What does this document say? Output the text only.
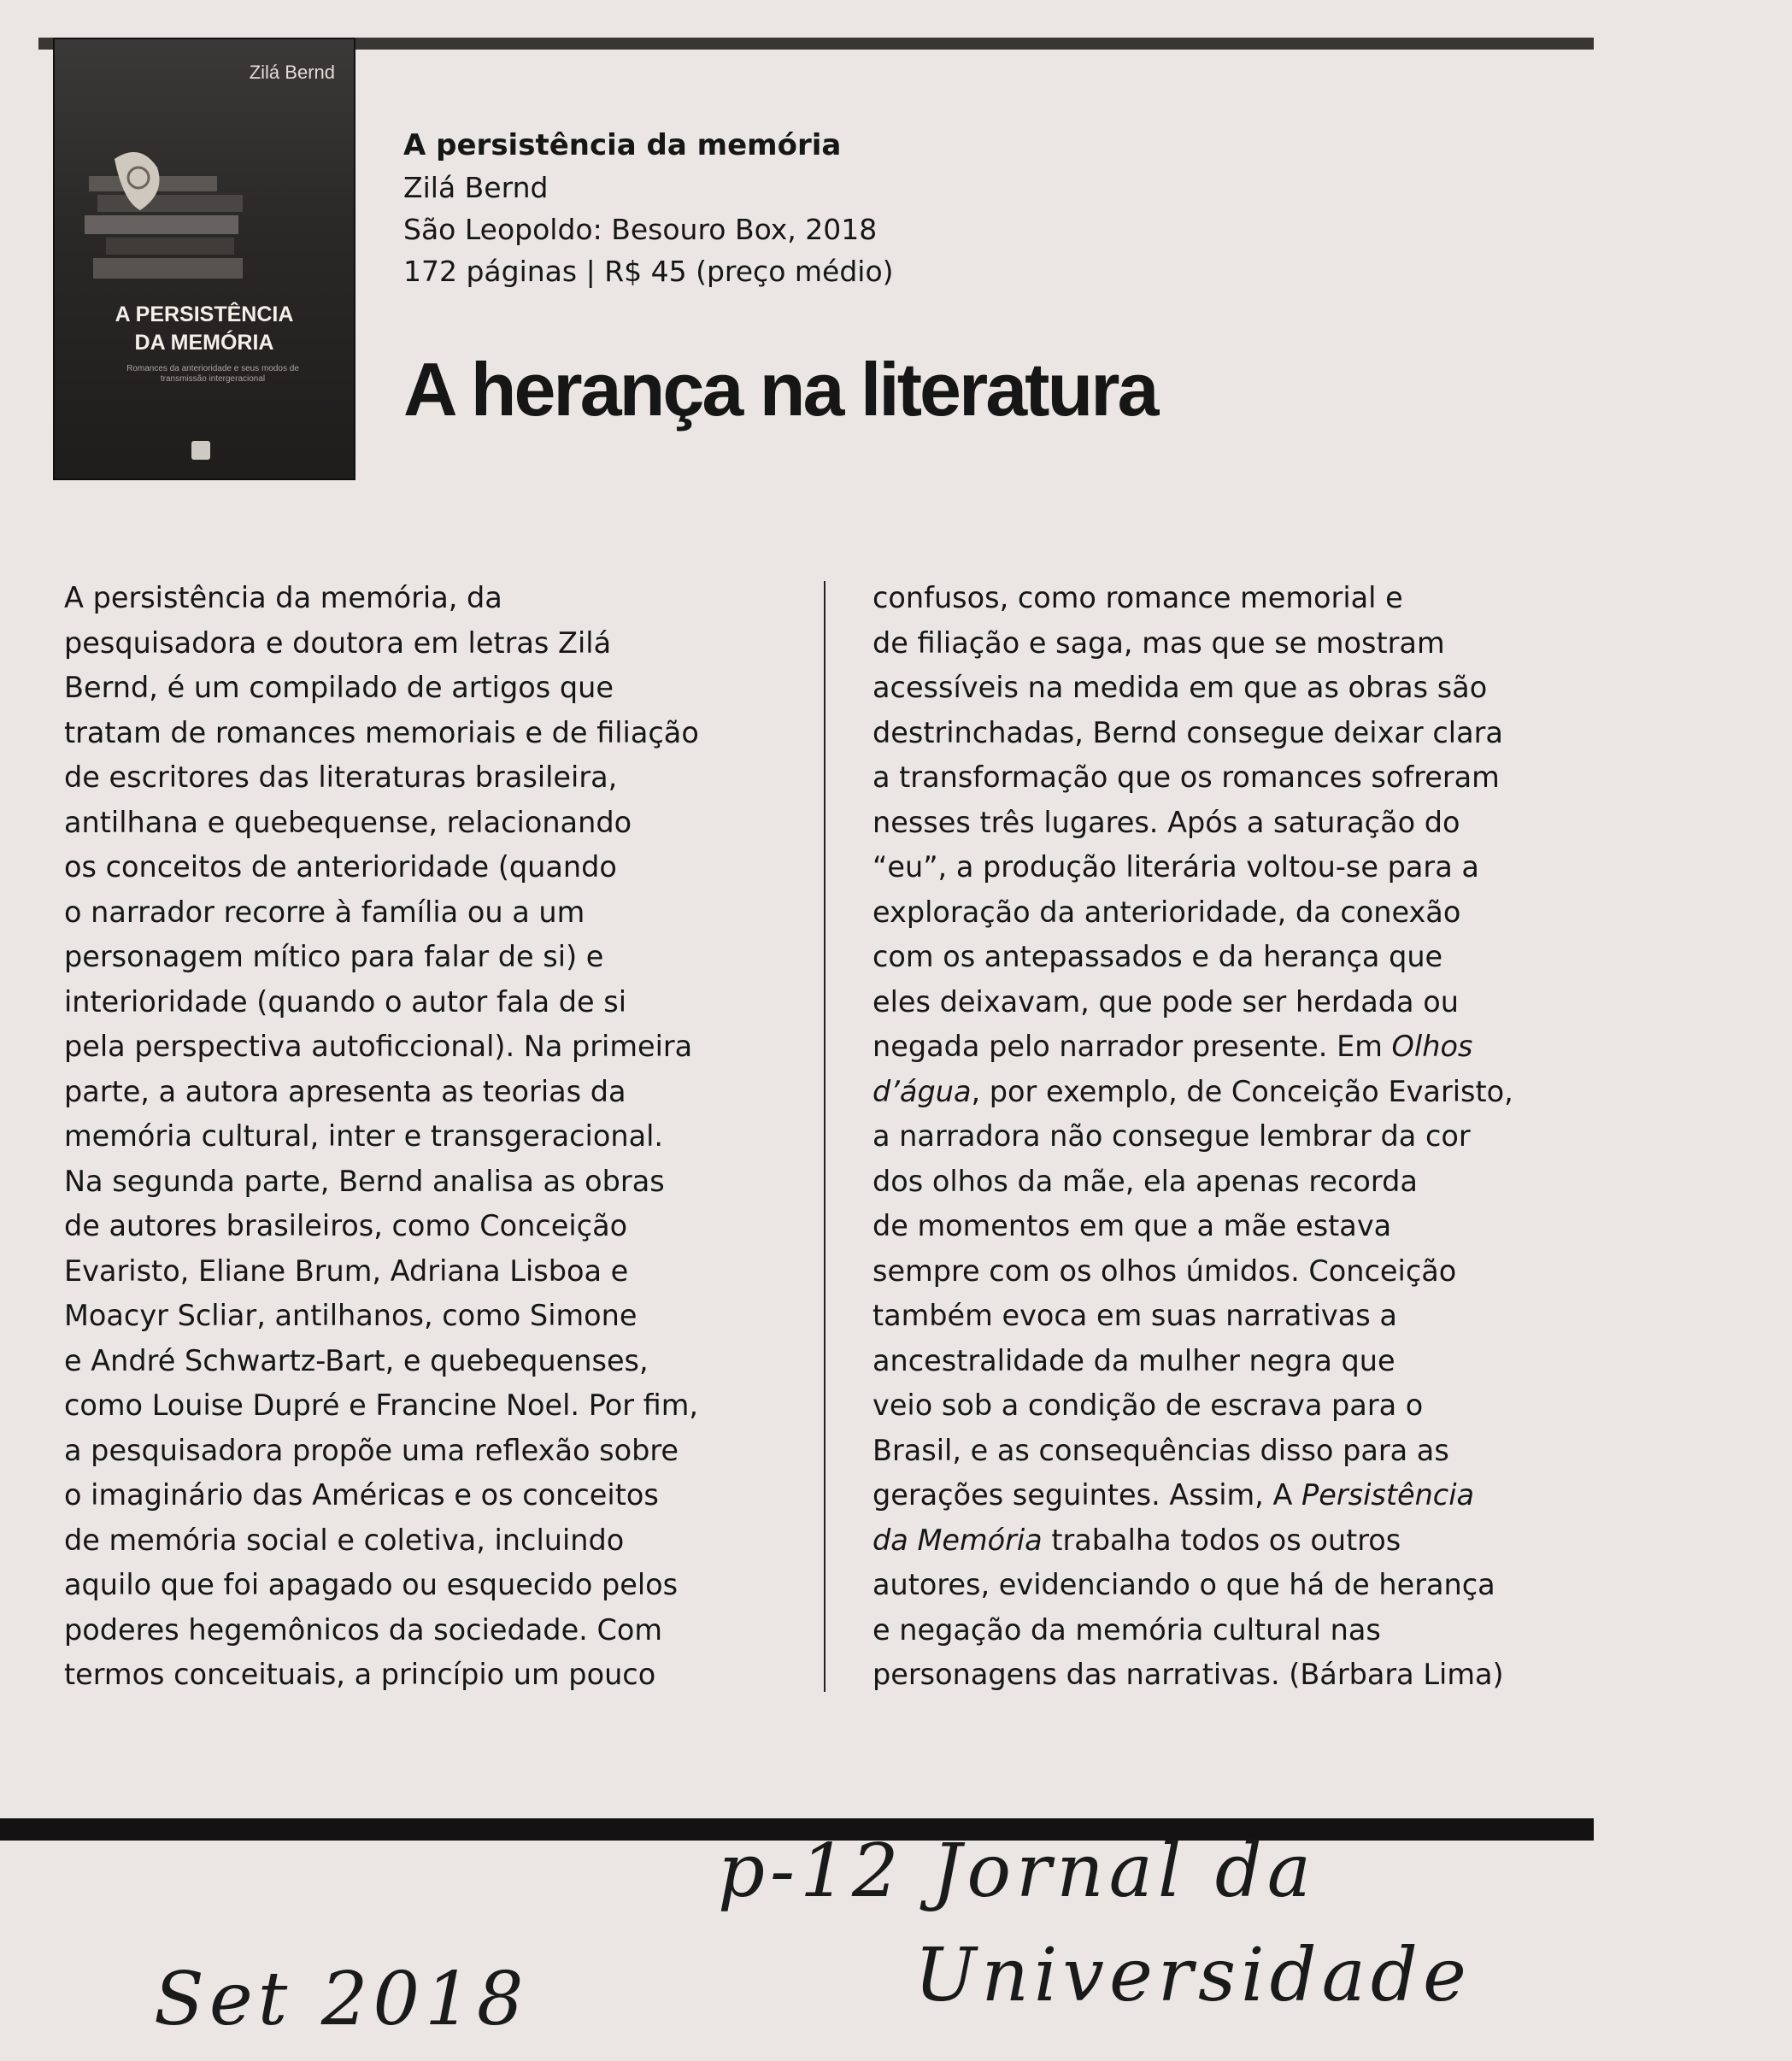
Zilá Bernd
A PERSISTÊNCIA
DA MEMÓRIA
Romances da anterioridade e seus modos de transmissão intergeracional
A persistência da memória
Zilá Bernd
São Leopoldo: Besouro Box, 2018
172 páginas | R$ 45 (preço médio)
A herança na literatura
A persistência da memória, da
pesquisadora e doutora em letras Zilá
Bernd, é um compilado de artigos que
tratam de romances memoriais e de filiação
de escritores das literaturas brasileira,
antilhana e quebequense, relacionando
os conceitos de anterioridade (quando
o narrador recorre à família ou a um
personagem mítico para falar de si) e
interioridade (quando o autor fala de si
pela perspectiva autoficcional). Na primeira
parte, a autora apresenta as teorias da
memória cultural, inter e transgeracional.
Na segunda parte, Bernd analisa as obras
de autores brasileiros, como Conceição
Evaristo, Eliane Brum, Adriana Lisboa e
Moacyr Scliar, antilhanos, como Simone
e André Schwartz-Bart, e quebequenses,
como Louise Dupré e Francine Noel. Por fim,
a pesquisadora propõe uma reflexão sobre
o imaginário das Américas e os conceitos
de memória social e coletiva, incluindo
aquilo que foi apagado ou esquecido pelos
poderes hegemônicos da sociedade. Com
termos conceituais, a princípio um pouco
confusos, como romance memorial e
de filiação e saga, mas que se mostram
acessíveis na medida em que as obras são
destrinchadas, Bernd consegue deixar clara
a transformação que os romances sofreram
nesses três lugares. Após a saturação do
“eu”, a produção literária voltou-se para a
exploração da anterioridade, da conexão
com os antepassados e da herança que
eles deixavam, que pode ser herdada ou
negada pelo narrador presente. Em Olhos
d’água, por exemplo, de Conceição Evaristo,
a narradora não consegue lembrar da cor
dos olhos da mãe, ela apenas recorda
de momentos em que a mãe estava
sempre com os olhos úmidos. Conceição
também evoca em suas narrativas a
ancestralidade da mulher negra que
veio sob a condição de escrava para o
Brasil, e as consequências disso para as
gerações seguintes. Assim, A Persistência
da Memória trabalha todos os outros
autores, evidenciando o que há de herança
e negação da memória cultural nas
personagens das narrativas. (Bárbara Lima)
p-12 Jornal da
Universidade
Set 2018
